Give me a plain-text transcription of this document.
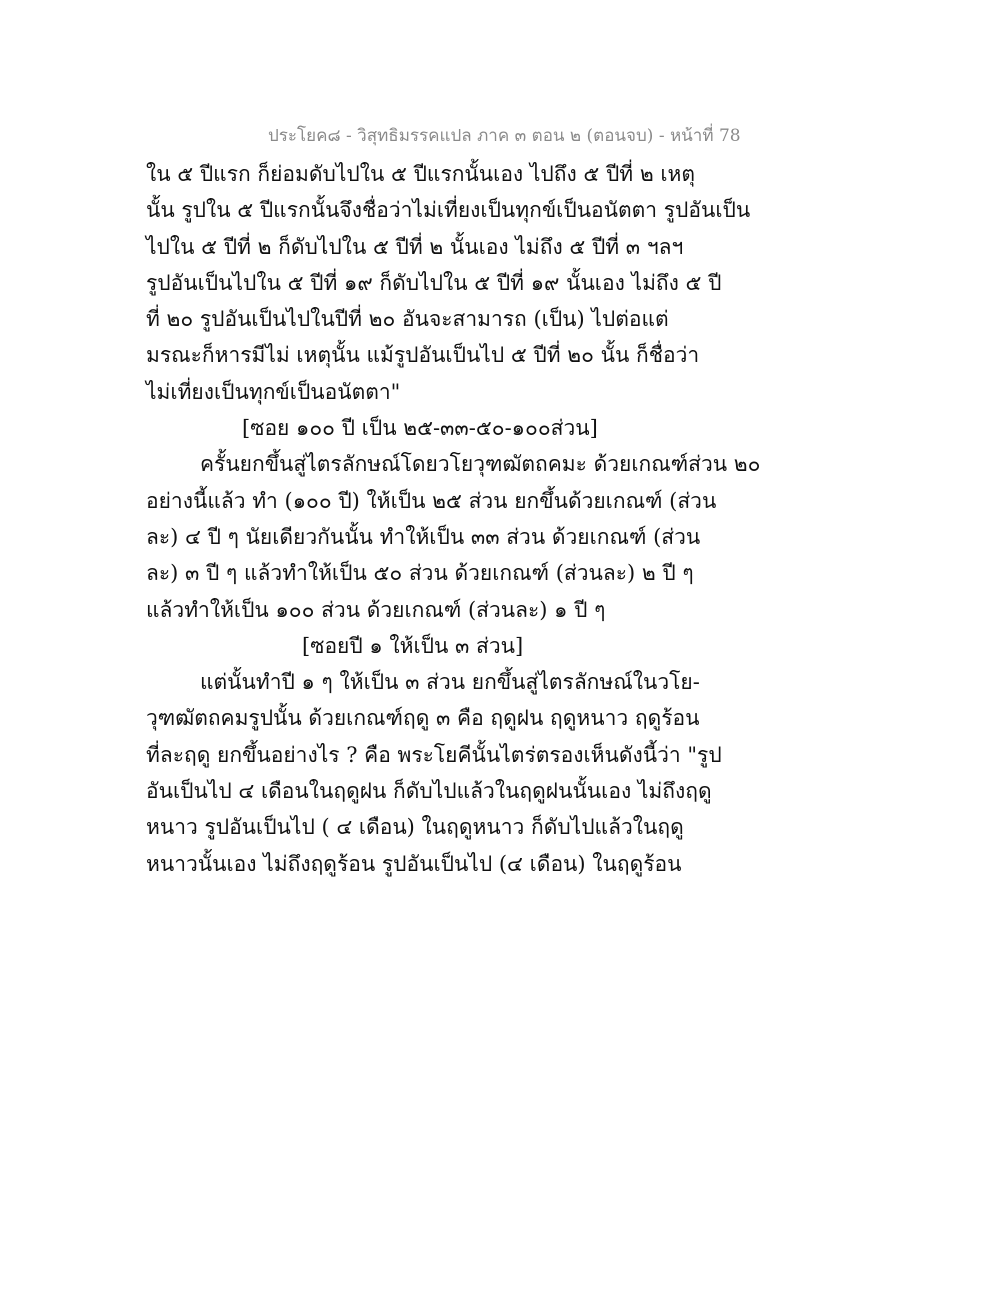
ประโยค๘ - วิสุทธิมรรคแปล ภาค ๓ ตอน ๒ (ตอนจบ) - หน้าที่ 78
ใน ๕ ปีแรก ก็ย่อมดับไปใน ๕ ปีแรกนั้นเอง ไปถึง ๕ ปีที่ ๒ เหตุ
นั้น รูปใน ๕ ปีแรกนั้นจึงชื่อว่าไม่เที่ยงเป็นทุกข์เป็นอนัตตา รูปอันเป็น
ไปใน ๕ ปีที่ ๒ ก็ดับไปใน ๕ ปีที่ ๒ นั้นเอง ไม่ถึง ๕ ปีที่ ๓ ฯลฯ
รูปอันเป็นไปใน ๕ ปีที่ ๑๙ ก็ดับไปใน ๕ ปีที่ ๑๙ นั้นเอง ไม่ถึง ๕ ปี
ที่ ๒๐ รูปอันเป็นไปในปีที่ ๒๐ อันจะสามารถ (เป็น) ไปต่อแต่
มรณะก็หารมีไม่ เหตุนั้น แม้รูปอันเป็นไป ๕ ปีที่ ๒๐ นั้น ก็ชื่อว่า
ไม่เที่ยงเป็นทุกข์เป็นอนัตตา"
[ซอย ๑๐๐ ปี เป็น ๒๕-๓๓-๕๐-๑๐๐ส่วน]
ครั้นยกขึ้นสู่ไตรลักษณ์โดยวโยวุฑฒัตถคมะ ด้วยเกณฑ์ส่วน ๒๐
อย่างนี้แล้ว ทำ (๑๐๐ ปี) ให้เป็น ๒๕ ส่วน ยกขึ้นด้วยเกณฑ์ (ส่วน
ละ) ๔ ปี ๆ นัยเดียวกันนั้น ทำให้เป็น ๓๓ ส่วน ด้วยเกณฑ์ (ส่วน
ละ) ๓ ปี ๆ แล้วทำให้เป็น ๕๐ ส่วน ด้วยเกณฑ์ (ส่วนละ) ๒ ปี ๆ
แล้วทำให้เป็น ๑๐๐ ส่วน ด้วยเกณฑ์ (ส่วนละ) ๑ ปี ๆ
[ซอยปี ๑ ให้เป็น ๓ ส่วน]
แต่นั้นทำปี ๑ ๆ ให้เป็น ๓ ส่วน ยกขึ้นสู่ไตรลักษณ์ในวโย-
วุฑฒัตถคมรูปนั้น ด้วยเกณฑ์ฤดู ๓ คือ ฤดูฝน ฤดูหนาว ฤดูร้อน
ที่ละฤดู ยกขึ้นอย่างไร ? คือ พระโยคีนั้นไตร่ตรองเห็นดังนี้ว่า "รูป
อันเป็นไป ๔ เดือนในฤดูฝน ก็ดับไปแล้วในฤดูฝนนั้นเอง ไม่ถึงฤดู
หนาว รูปอันเป็นไป ( ๔ เดือน) ในฤดูหนาว ก็ดับไปแล้วในฤดู
หนาวนั้นเอง ไม่ถึงฤดูร้อน รูปอันเป็นไป (๔ เดือน) ในฤดูร้อน
